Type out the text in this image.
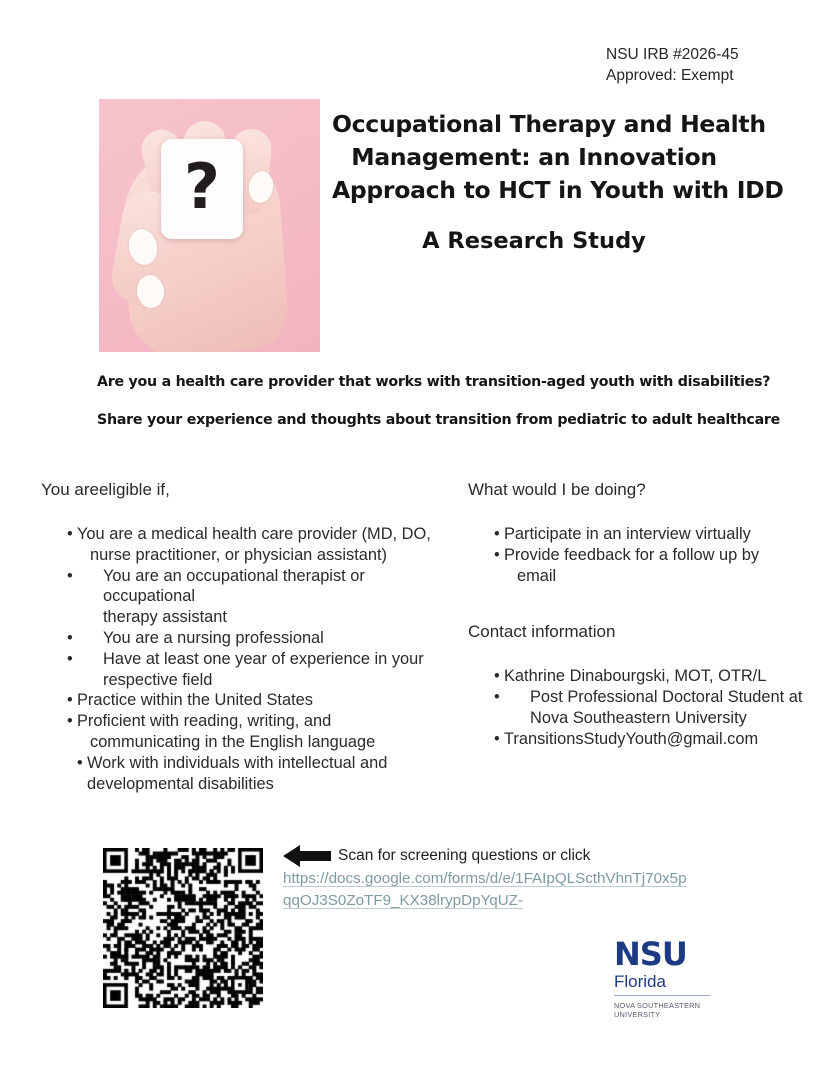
NSU IRB #2026-45
Approved: Exempt
?
Occupational Therapy and Health
Management: an Innovation
Approach to HCT in Youth with IDD
A Research Study
Are you a health care provider that works with transition-aged youth with disabilities?
Share your experience and thoughts about transition from pediatric to adult healthcare
You areeligible if,
• You are a medical health care provider (MD, DO,
nurse practitioner, or physician assistant)
•	You are an occupational therapist or occupational
therapy assistant
•	You are a nursing professional
•	Have at least one year of experience in your
respective field
• Practice within the United States
• Proficient with reading, writing, and
communicating in the English language
• Work with individuals with intellectual and
developmental disabilities
What would I be doing?
• Participate in an interview virtually
• Provide feedback for a follow up by
email
Contact information
• Kathrine Dinabourgski, MOT, OTR/L
•	Post Professional Doctoral Student at
Nova Southeastern University
• TransitionsStudyYouth@gmail.com
Scan for screening questions or click
https://docs.google.com/forms/d/e/1FAIpQLScthVhnTj70x5p
qqOJ3S0ZoTF9_KX38lrypDpYqUZ-
NSU
Florida
NOVA SOUTHEASTERN
UNIVERSITY
